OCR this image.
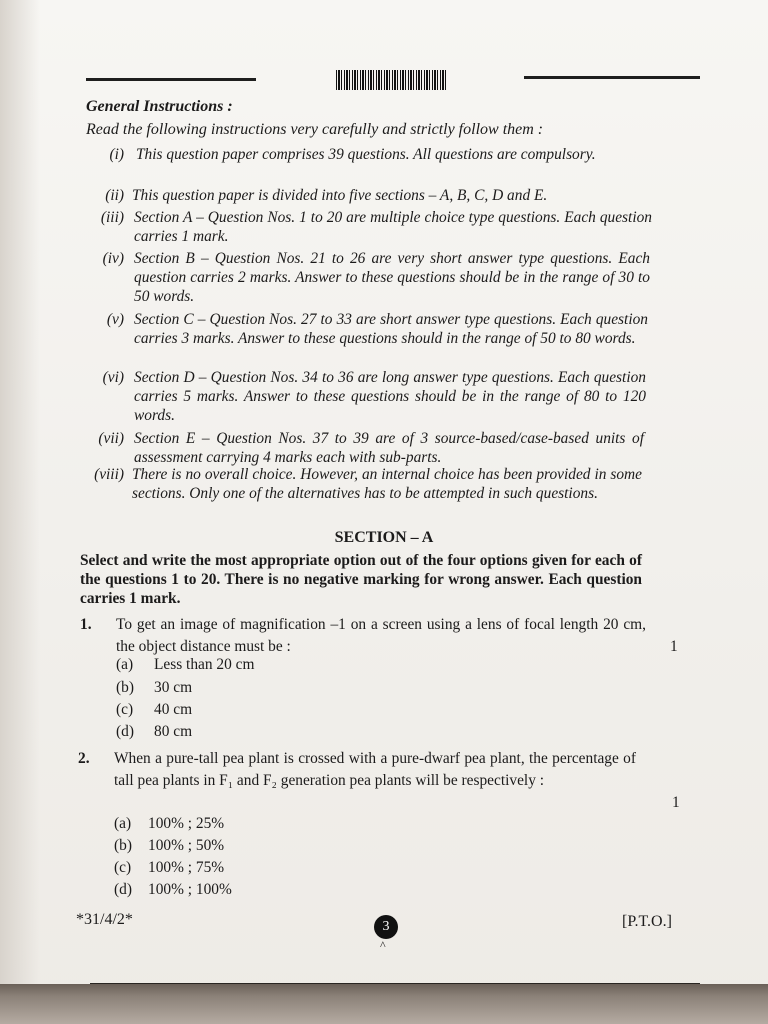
General Instructions :
Read the following instructions very carefully and strictly follow them :
(i) This question paper comprises 39 questions. All questions are compulsory.
(ii) This question paper is divided into five sections – A, B, C, D and E.
(iii) Section A – Question Nos. 1 to 20 are multiple choice type questions. Each question carries 1 mark.
(iv) Section B – Question Nos. 21 to 26 are very short answer type questions. Each question carries 2 marks. Answer to these questions should be in the range of 30 to 50 words.
(v) Section C – Question Nos. 27 to 33 are short answer type questions. Each question carries 3 marks. Answer to these questions should in the range of 50 to 80 words.
(vi) Section D – Question Nos. 34 to 36 are long answer type questions. Each question carries 5 marks. Answer to these questions should be in the range of 80 to 120 words.
(vii) Section E – Question Nos. 37 to 39 are of 3 source-based/case-based units of assessment carrying 4 marks each with sub-parts.
(viii) There is no overall choice. However, an internal choice has been provided in some sections. Only one of the alternatives has to be attempted in such questions.
SECTION – A
Select and write the most appropriate option out of the four options given for each of the questions 1 to 20. There is no negative marking for wrong answer. Each question carries 1 mark.
1. To get an image of magnification –1 on a screen using a lens of focal length 20 cm, the object distance must be :	1
(a) Less than 20 cm
(b) 30 cm
(c) 40 cm
(d) 80 cm
2. When a pure-tall pea plant is crossed with a pure-dwarf pea plant, the percentage of tall pea plants in F₁ and F₂ generation pea plants will be respectively :
1
(a) 100% ; 25%
(b) 100% ; 50%
(c) 100% ; 75%
(d) 100% ; 100%
*31/4/2*	3
^
[P.T.O.]
